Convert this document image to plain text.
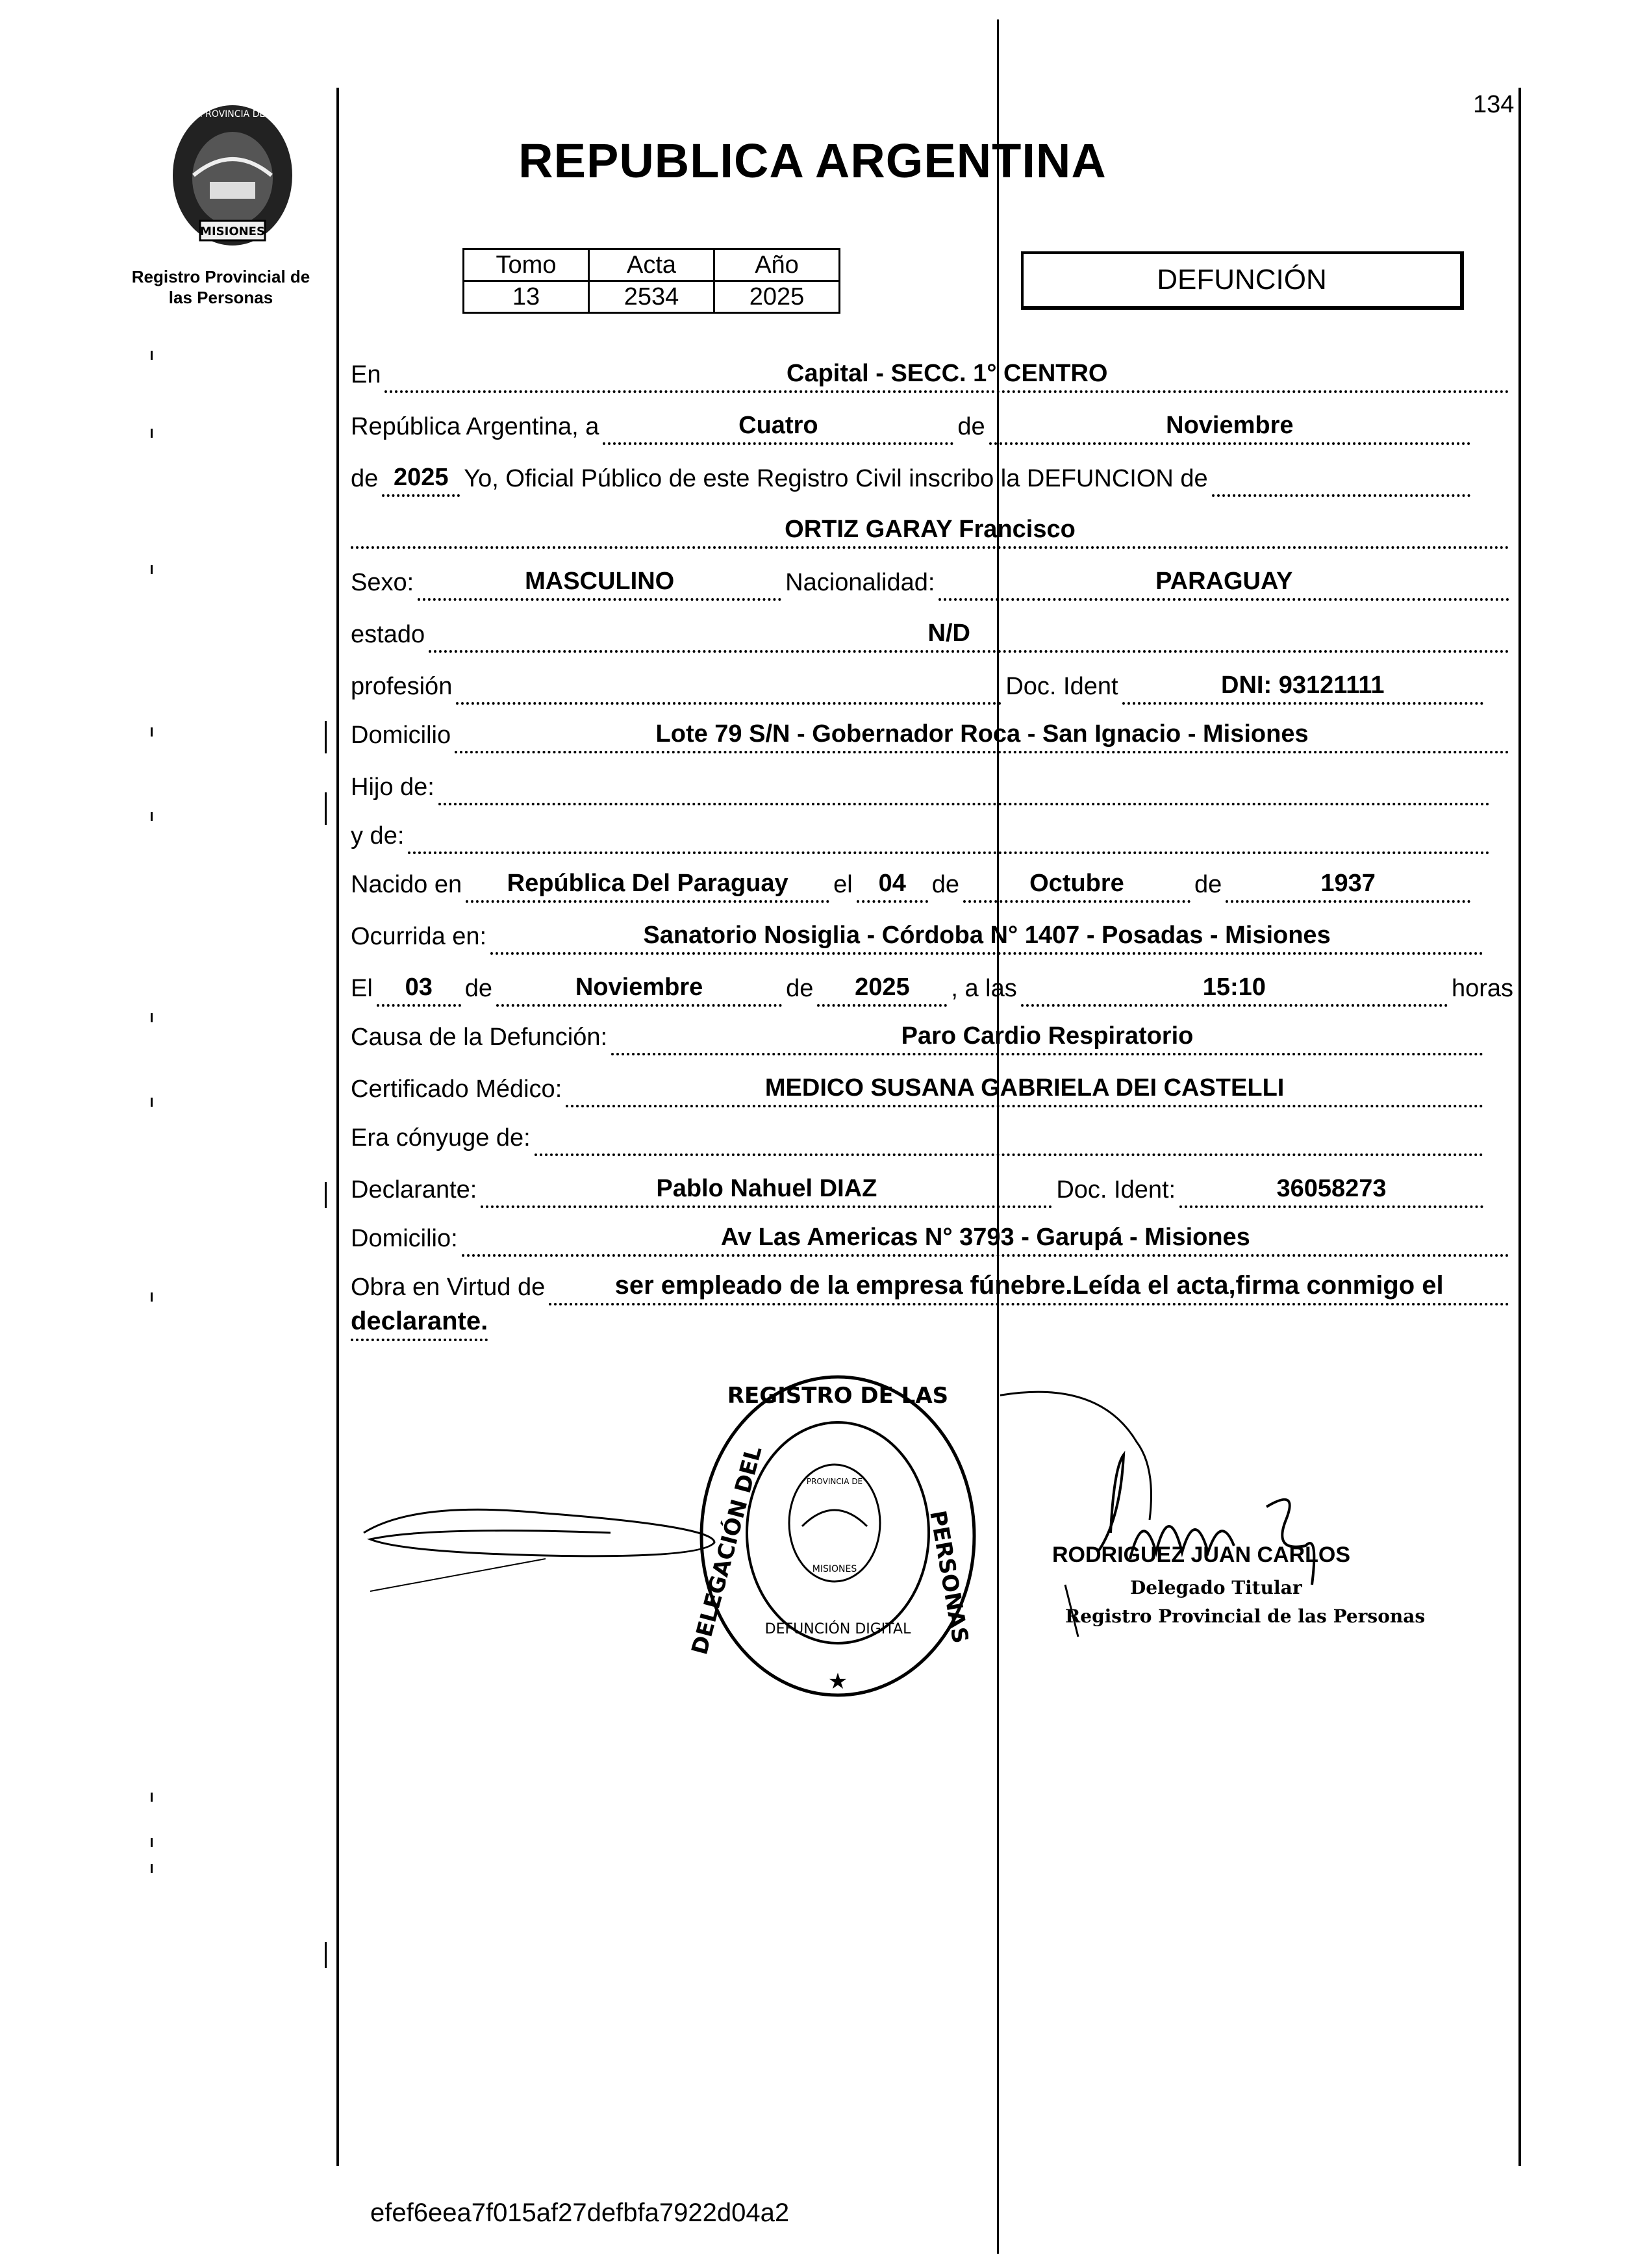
MISIONES
PROVINCIA DE
Registro Provincial de
las Personas
134
REPUBLICA ARGENTINA
Tomo	Acta	Año
13	2534	2025
DEFUNCIÓN
En	Capital - SECC. 1° CENTRO
República Argentina, a	Cuatro	de	Noviembre
de 2025 Yo, Oficial Público de este Registro Civil inscribo la DEFUNCION de
ORTIZ GARAY Francisco
Sexo:	MASCULINO	Nacionalidad:	PARAGUAY
estado	N/D
profesión	Doc. Ident	DNI: 93121111
Domicilio	Lote 79 S/N - Gobernador Roca - San Ignacio - Misiones
Hijo de:
y de:
Nacido en	República Del Paraguay	el	04	de	Octubre	de	1937
Ocurrida en:	Sanatorio Nosiglia - Córdoba N° 1407 - Posadas - Misiones
El	03	de	Noviembre	de	2025	, a las	15:10	horas
Causa de la Defunción:	Paro Cardio Respiratorio
Certificado Médico:	MEDICO SUSANA GABRIELA DEI CASTELLI
Era cónyuge de:
Declarante:	Pablo Nahuel DIAZ	Doc. Ident:	36058273
Domicilio:	Av Las Americas N° 3793 - Garupá - Misiones
Obra en Virtud de	ser empleado de la empresa fúnebre.Leída el acta,firma conmigo el
declarante.
DELEGACIÓN DEL
REGISTRO DE LAS
PERSONAS
DEFUNCIÓN DIGITAL
PROVINCIA DE
MISIONES
★
RODRIGUEZ JUAN CARLOS
Delegado Titular
Registro Provincial de las Personas
efef6eea7f015af27defbfa7922d04a2
